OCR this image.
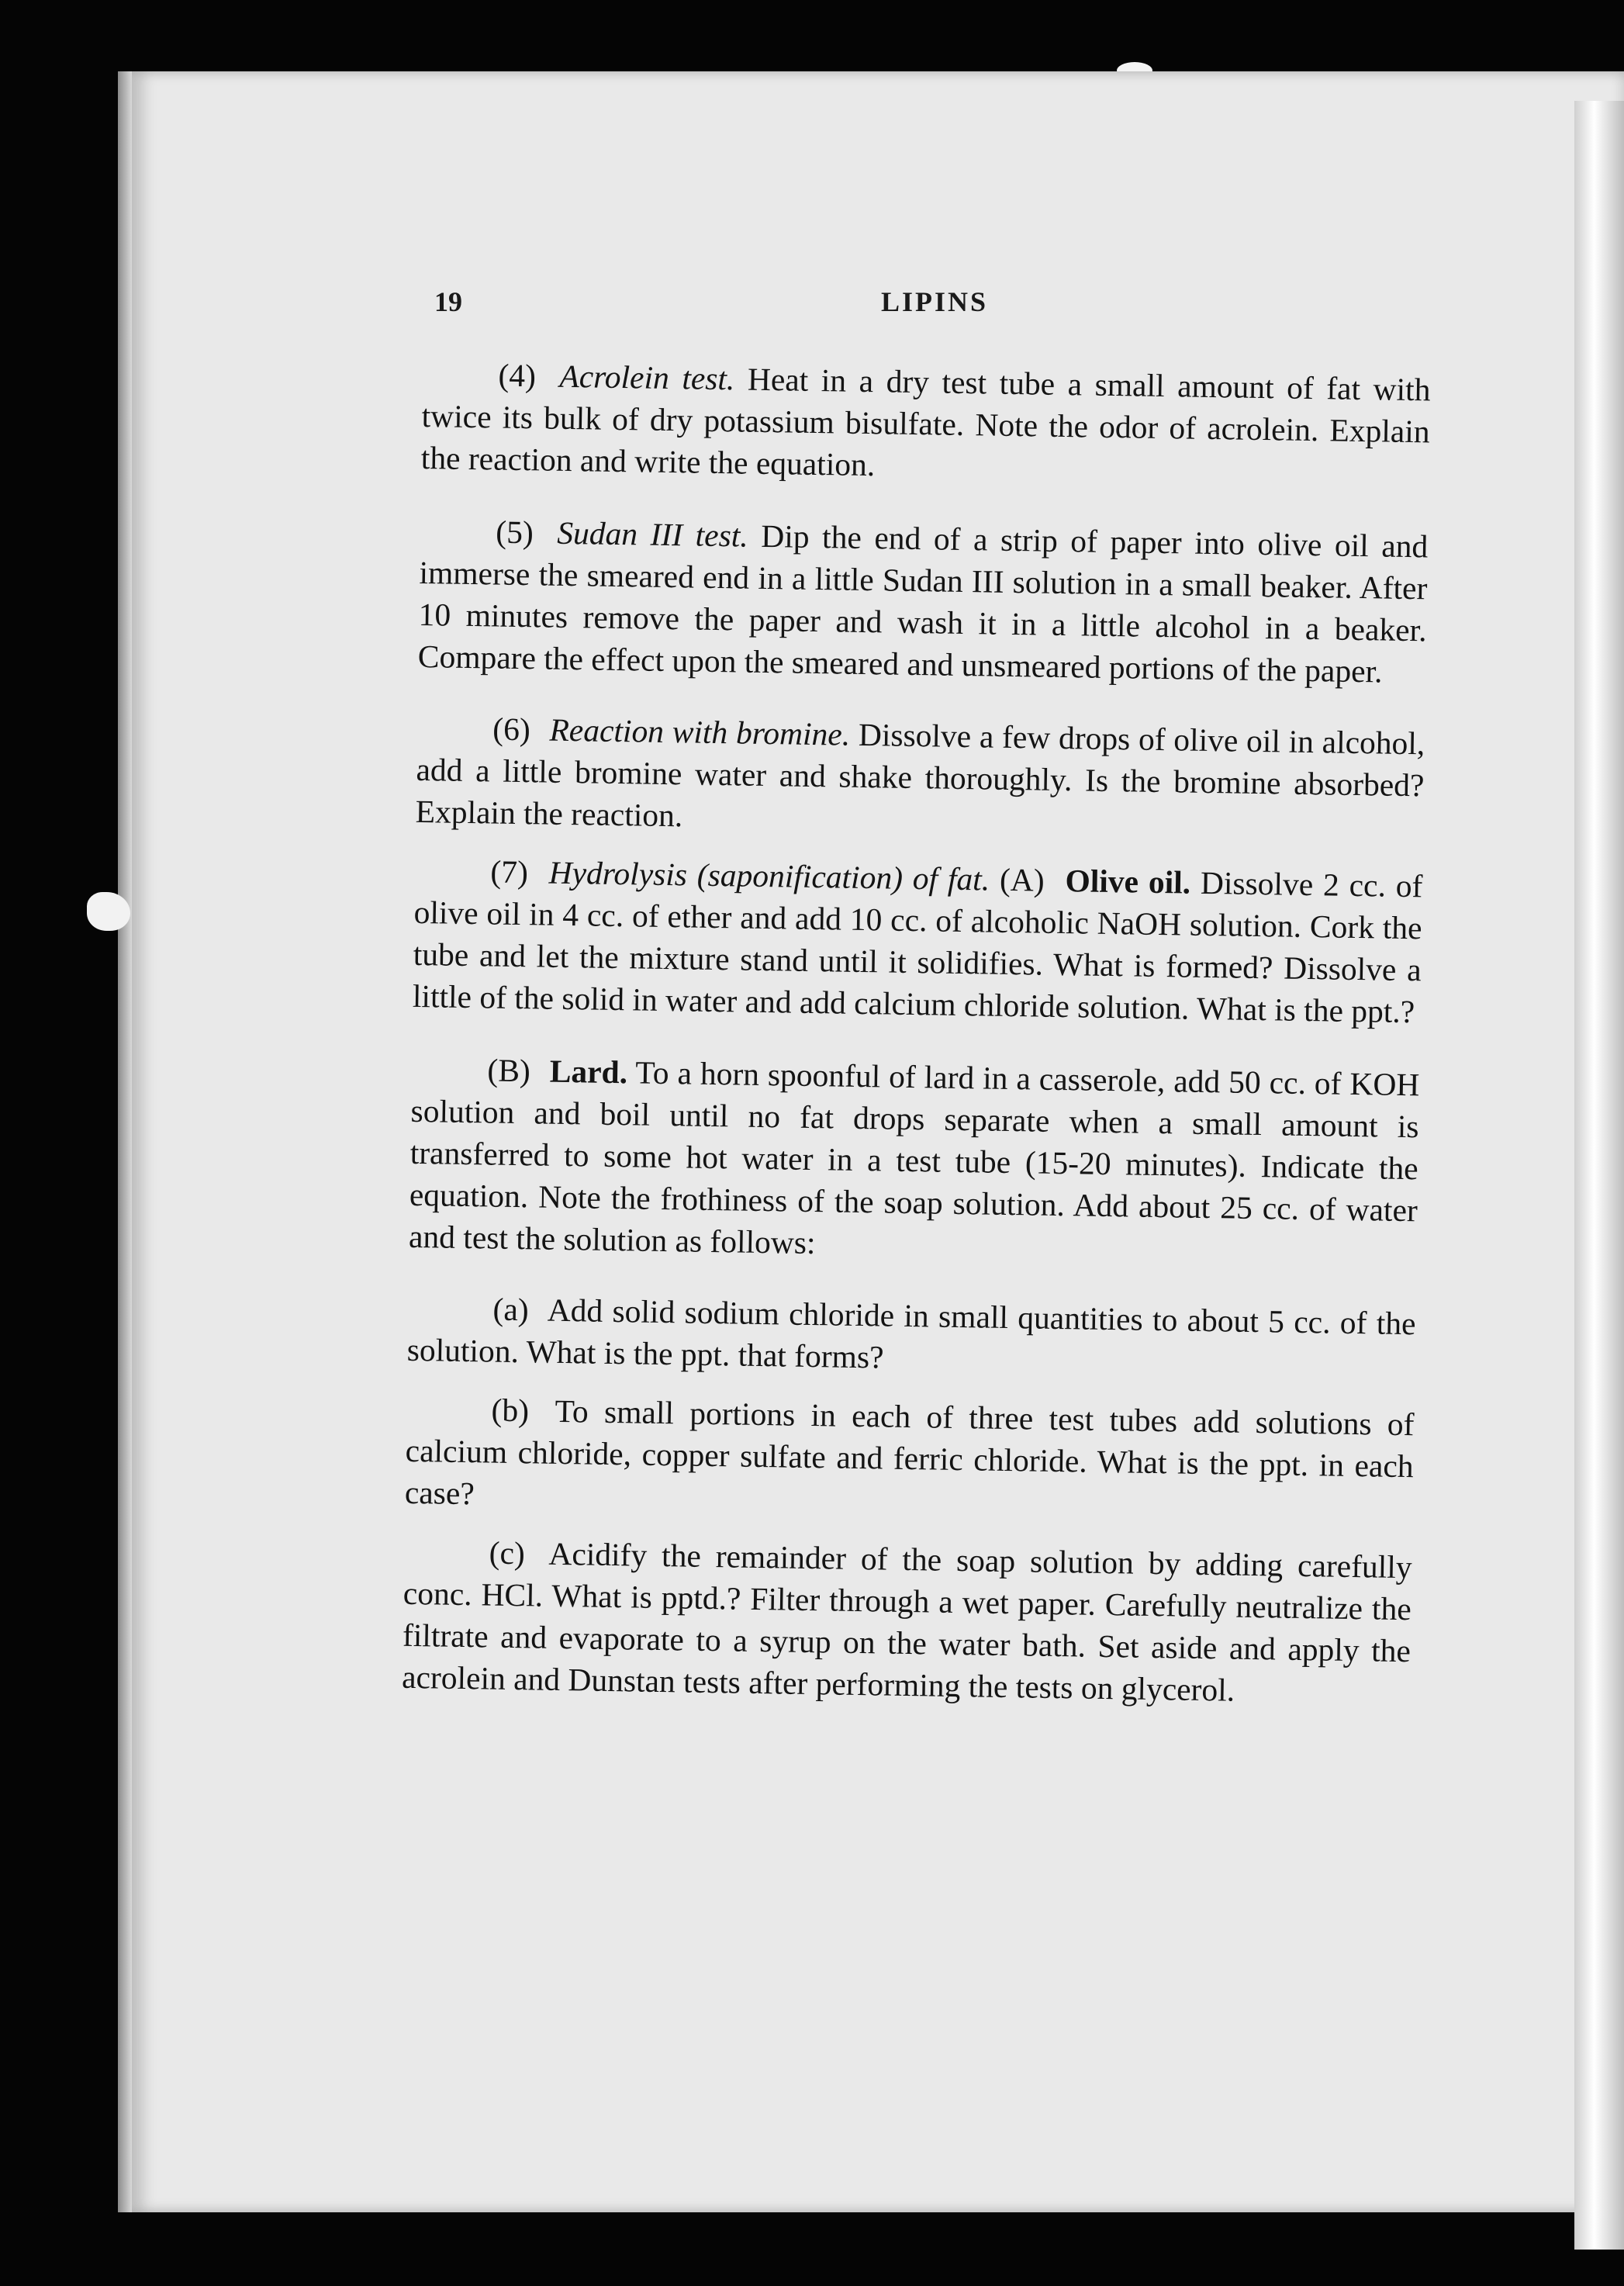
19	LIPINS

(4) Acrolein test. Heat in a dry test tube a small amount of fat with twice its bulk of dry potassium bisulfate. Note the odor of acrolein. Explain the reaction and write the equation.

(5) Sudan III test. Dip the end of a strip of paper into olive oil and immerse the smeared end in a little Sudan III solution in a small beaker. After 10 minutes remove the paper and wash it in a little alcohol in a beaker. Compare the effect upon the smeared and unsmeared portions of the paper.

(6) Reaction with bromine. Dissolve a few drops of olive oil in alcohol, add a little bromine water and shake thoroughly. Is the bromine absorbed? Explain the reaction.

(7) Hydrolysis (saponification) of fat. (A) Olive oil. Dissolve 2 cc. of olive oil in 4 cc. of ether and add 10 cc. of alcoholic NaOH solution. Cork the tube and let the mixture stand until it solidifies. What is formed? Dissolve a little of the solid in water and add calcium chloride solution. What is the ppt.?

(B) Lard. To a horn spoonful of lard in a casserole, add 50 cc. of KOH solution and boil until no fat drops separate when a small amount is transferred to some hot water in a test tube (15-20 minutes). Indicate the equation. Note the frothiness of the soap solution. Add about 25 cc. of water and test the solution as follows:

(a) Add solid sodium chloride in small quantities to about 5 cc. of the solution. What is the ppt. that forms?

(b) To small portions in each of three test tubes add solutions of calcium chloride, copper sulfate and ferric chloride. What is the ppt. in each case?

(c) Acidify the remainder of the soap solution by adding carefully conc. HCl. What is pptd.? Filter through a wet paper. Carefully neutralize the filtrate and evaporate to a syrup on the water bath. Set aside and apply the acrolein and Dunstan tests after performing the tests on glycerol.
